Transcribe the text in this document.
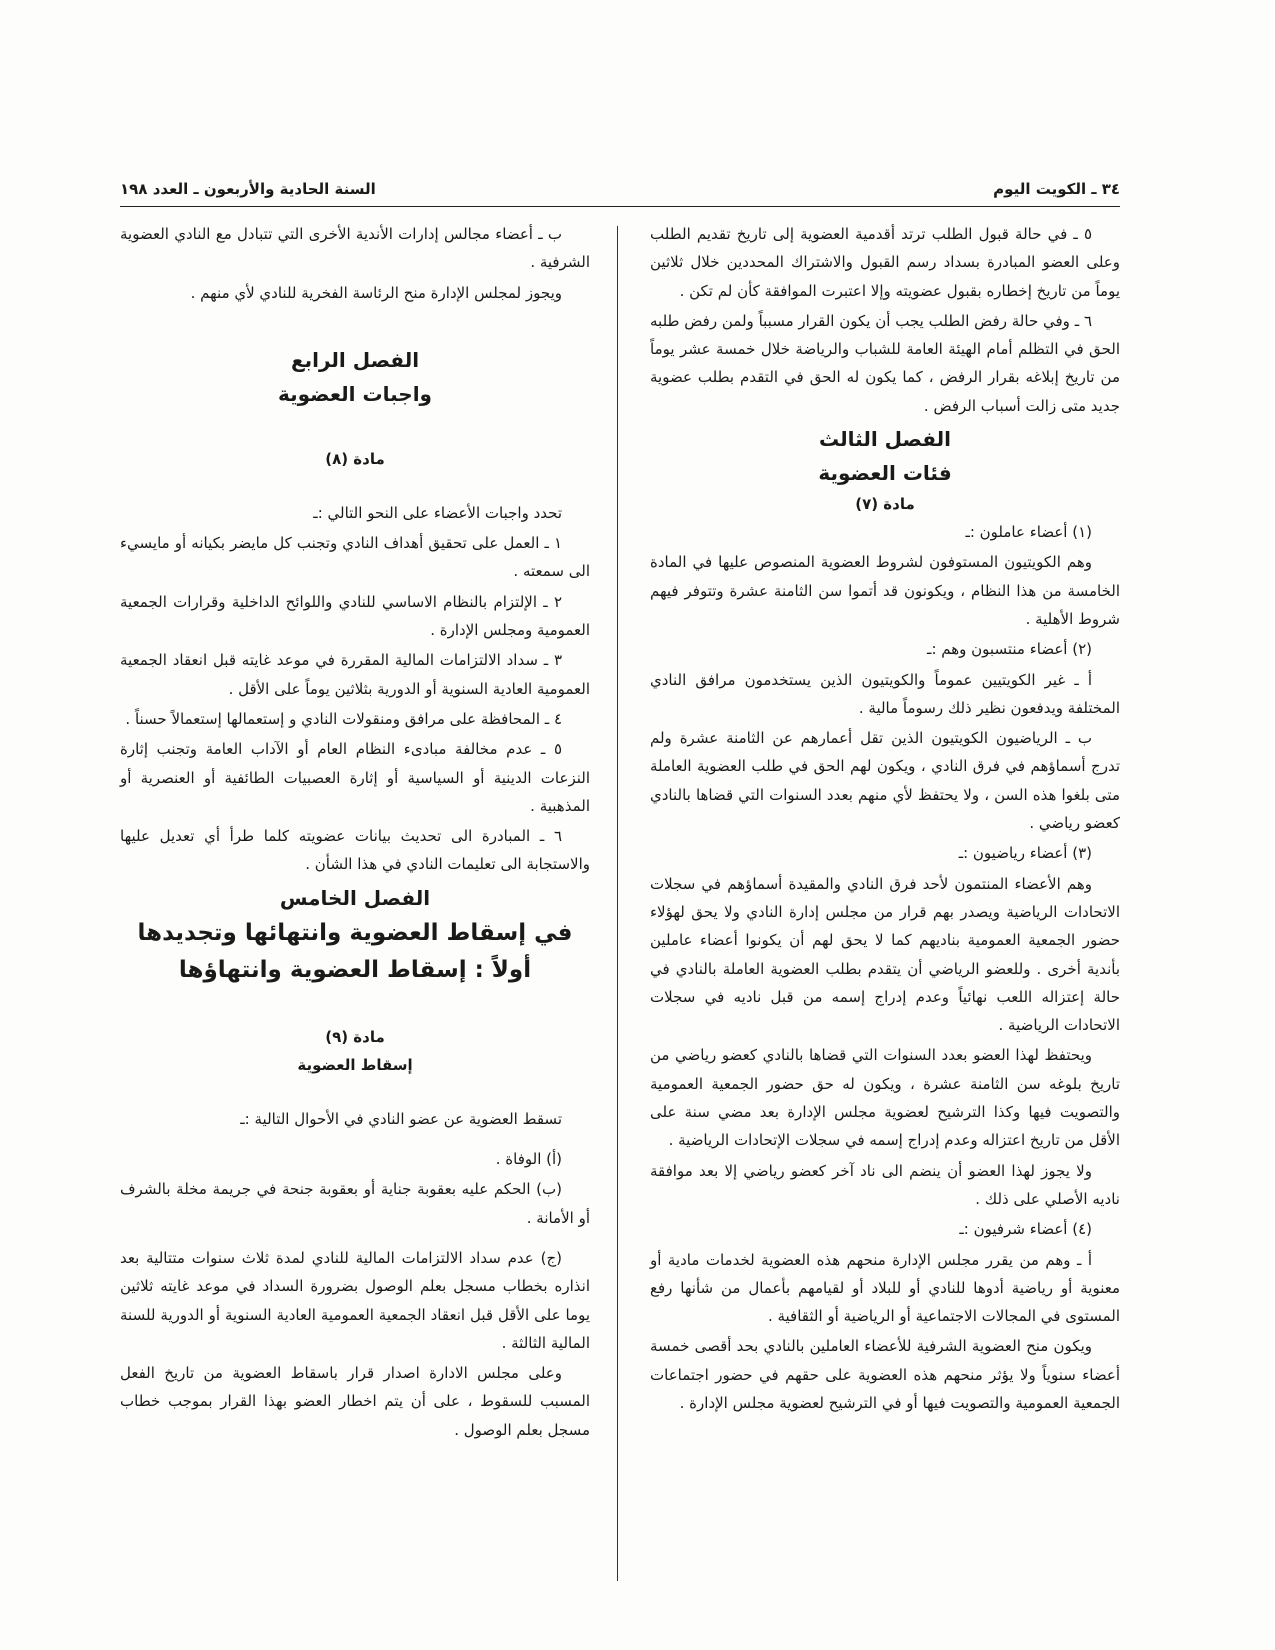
٣٤ ـ الكويت اليوم
السنة الحادية والأربعون ـ العدد ١٩٨

٥ ـ في حالة قبول الطلب ترتد أقدمية العضوية إلى تاريخ تقديم الطلب وعلى العضو المبادرة بسداد رسم القبول والاشتراك المحددين خلال ثلاثين يوماً من تاريخ إخطاره بقبول عضويته وإلا اعتبرت الموافقة كأن لم تكن .

٦ ـ وفي حالة رفض الطلب يجب أن يكون القرار مسبباً ولمن رفض طلبه الحق في التظلم أمام الهيئة العامة للشباب والرياضة خلال خمسة عشر يوماً من تاريخ إبلاغه بقرار الرفض ، كما يكون له الحق في التقدم بطلب عضوية جديد متى زالت أسباب الرفض .

الفصل الثالث
فئات العضوية
مادة (٧)

(١) أعضاء عاملون :ـ

وهم الكويتيون المستوفون لشروط العضوية المنصوص عليها في المادة الخامسة من هذا النظام ، ويكونون قد أتموا سن الثامنة عشرة وتتوفر فيهم شروط الأهلية .

(٢) أعضاء منتسبون وهم :ـ

أ ـ غير الكويتيين عموماً والكويتيون الذين يستخدمون مرافق النادي المختلفة ويدفعون نظير ذلك رسوماً مالية .

ب ـ الرياضيون الكويتيون الذين تقل أعمارهم عن الثامنة عشرة ولم تدرج أسماؤهم في فرق النادي ، ويكون لهم الحق في طلب العضوية العاملة متى بلغوا هذه السن ، ولا يحتفظ لأي منهم بعدد السنوات التي قضاها بالنادي كعضو رياضي .

(٣) أعضاء رياضيون :ـ

وهم الأعضاء المنتمون لأحد فرق النادي والمقيدة أسماؤهم في سجلات الاتحادات الرياضية ويصدر بهم قرار من مجلس إدارة النادي ولا يحق لهؤلاء حضور الجمعية العمومية بناديهم كما لا يحق لهم أن يكونوا أعضاء عاملين بأندية أخرى . وللعضو الرياضي أن يتقدم بطلب العضوية العاملة بالنادي في حالة إعتزاله اللعب نهائياً وعدم إدراج إسمه من قبل ناديه في سجلات الاتحادات الرياضية .

ويحتفظ لهذا العضو بعدد السنوات التي قضاها بالنادي كعضو رياضي من تاريخ بلوغه سن الثامنة عشرة ، ويكون له حق حضور الجمعية العمومية والتصويت فيها وكذا الترشيح لعضوية مجلس الإدارة بعد مضي سنة على الأقل من تاريخ اعتزاله وعدم إدراج إسمه في سجلات الإتحادات الرياضية .

ولا يجوز لهذا العضو أن ينضم الى ناد آخر كعضو رياضي إلا بعد موافقة ناديه الأصلي على ذلك .

(٤) أعضاء شرفيون :ـ

أ ـ وهم من يقرر مجلس الإدارة منحهم هذه العضوية لخدمات مادية أو معنوية أو رياضية أدوها للنادي أو للبلاد أو لقيامهم بأعمال من شأنها رفع المستوى في المجالات الاجتماعية أو الرياضية أو الثقافية .

ويكون منح العضوية الشرفية للأعضاء العاملين بالنادي بحد أقصى خمسة أعضاء سنوياً ولا يؤثر منحهم هذه العضوية على حقهم في حضور اجتماعات الجمعية العمومية والتصويت فيها أو في الترشيح لعضوية مجلس الإدارة .

ب ـ أعضاء مجالس إدارات الأندية الأخرى التي تتبادل مع النادي العضوية الشرفية .

ويجوز لمجلس الإدارة منح الرئاسة الفخرية للنادي لأي منهم .

الفصل الرابع
واجبات العضوية
مادة (٨)

تحدد واجبات الأعضاء على النحو التالي :ـ

١ ـ العمل على تحقيق أهداف النادي وتجنب كل مايضر بكيانه أو مايسيء الى سمعته .

٢ ـ الإلتزام بالنظام الاساسي للنادي واللوائح الداخلية وقرارات الجمعية العمومية ومجلس الإدارة .

٣ ـ سداد الالتزامات المالية المقررة في موعد غايته قبل انعقاد الجمعية العمومية العادية السنوية أو الدورية بثلاثين يوماً على الأقل .

٤ ـ المحافظة على مرافق ومنقولات النادي و إستعمالها إستعمالاً حسناً .

٥ ـ عدم مخالفة مبادىء النظام العام أو الآداب العامة وتجنب إثارة النزعات الدينية أو السياسية أو إثارة العصبيات الطائفية أو العنصرية أو المذهبية .

٦ ـ المبادرة الى تحديث بيانات عضويته كلما طرأ أي تعديل عليها والاستجابة الى تعليمات النادي في هذا الشأن .

الفصل الخامس
في إسقاط العضوية وانتهائها وتجديدها
أولاً : إسقاط العضوية وانتهاؤها
مادة (٩)
إسقاط العضوية

تسقط العضوية عن عضو النادي في الأحوال التالية :ـ

(أ) الوفاة .

(ب) الحكم عليه بعقوبة جناية أو بعقوبة جنحة في جريمة مخلة بالشرف أو الأمانة .

(ج) عدم سداد الالتزامات المالية للنادي لمدة ثلاث سنوات متتالية بعد انذاره بخطاب مسجل بعلم الوصول بضرورة السداد في موعد غايته ثلاثين يوما على الأقل قبل انعقاد الجمعية العمومية العادية السنوية أو الدورية للسنة المالية الثالثة .

وعلى مجلس الادارة اصدار قرار باسقاط العضوية من تاريخ الفعل المسبب للسقوط ، على أن يتم اخطار العضو بهذا القرار بموجب خطاب مسجل بعلم الوصول .
